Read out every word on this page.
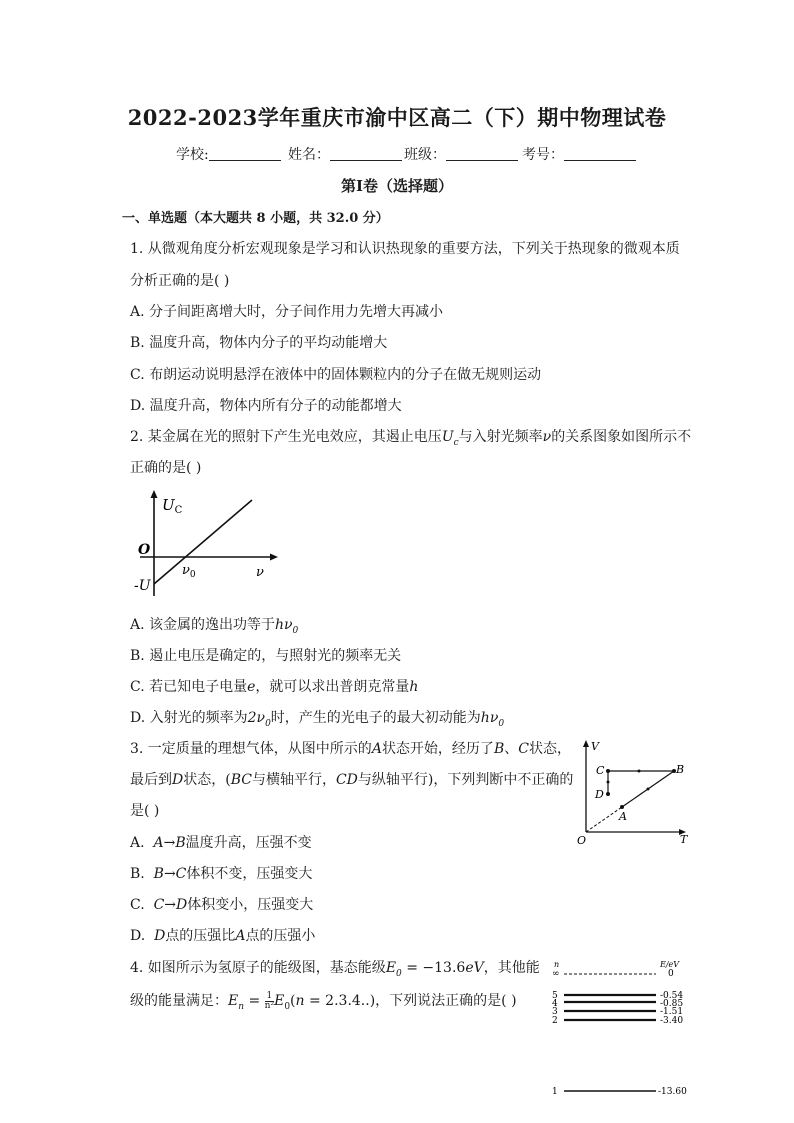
2022-2023学年重庆市渝中区高二（下）期中物理试卷
学校:	姓名：	班级：	考号：
第Ⅰ卷（选择题）
一、单选题（本大题共 8 小题，共 32.0 分）
1. 从微观角度分析宏观现象是学习和认识热现象的重要方法，下列关于热现象的微观本质
分析正确的是( )
A. 分子间距离增大时，分子间作用力先增大再减小
B. 温度升高，物体内分子的平均动能增大
C. 布朗运动说明悬浮在液体中的固体颗粒内的分子在做无规则运动
D. 温度升高，物体内所有分子的动能都增大
2. 某金属在光的照射下产生光电效应，其遏止电压$U_c$与入射光频率ν的关系图象如图所示不
正确的是( )
$U_C$
O
-U
$\nu_0$	ν
A. 该金属的逸出功等于$h\nu_0$
B. 遏止电压是确定的，与照射光的频率无关
C. 若已知电子电量e，就可以求出普朗克常量h
D. 入射光的频率为$2\nu_0$时，产生的光电子的最大初动能为$h\nu_0$
3. 一定质量的理想气体，从图中所示的A状态开始，经历了B、C状态，
最后到D状态，(BC与横轴平行，CD与纵轴平行)，下列判断中不正确的
是( )
V
T
O
A
B
C
D
A.  A→B温度升高，压强不变
B.  B→C体积不变，压强变大
C.  C→D体积变小，压强变大
D.  D点的压强比A点的压强小
4. 如图所示为氢原子的能级图，基态能级$E_0 = -13.6eV$，其他能
级的能量满足：$E_n = \frac{1}{\text{n²}} E_0(n = 2.3.4..)$，下列说法正确的是( )
n	E/eV
∞	0
5	-0.54
4	-0.85
3	-1.51
2	-3.40
1	-13.60
